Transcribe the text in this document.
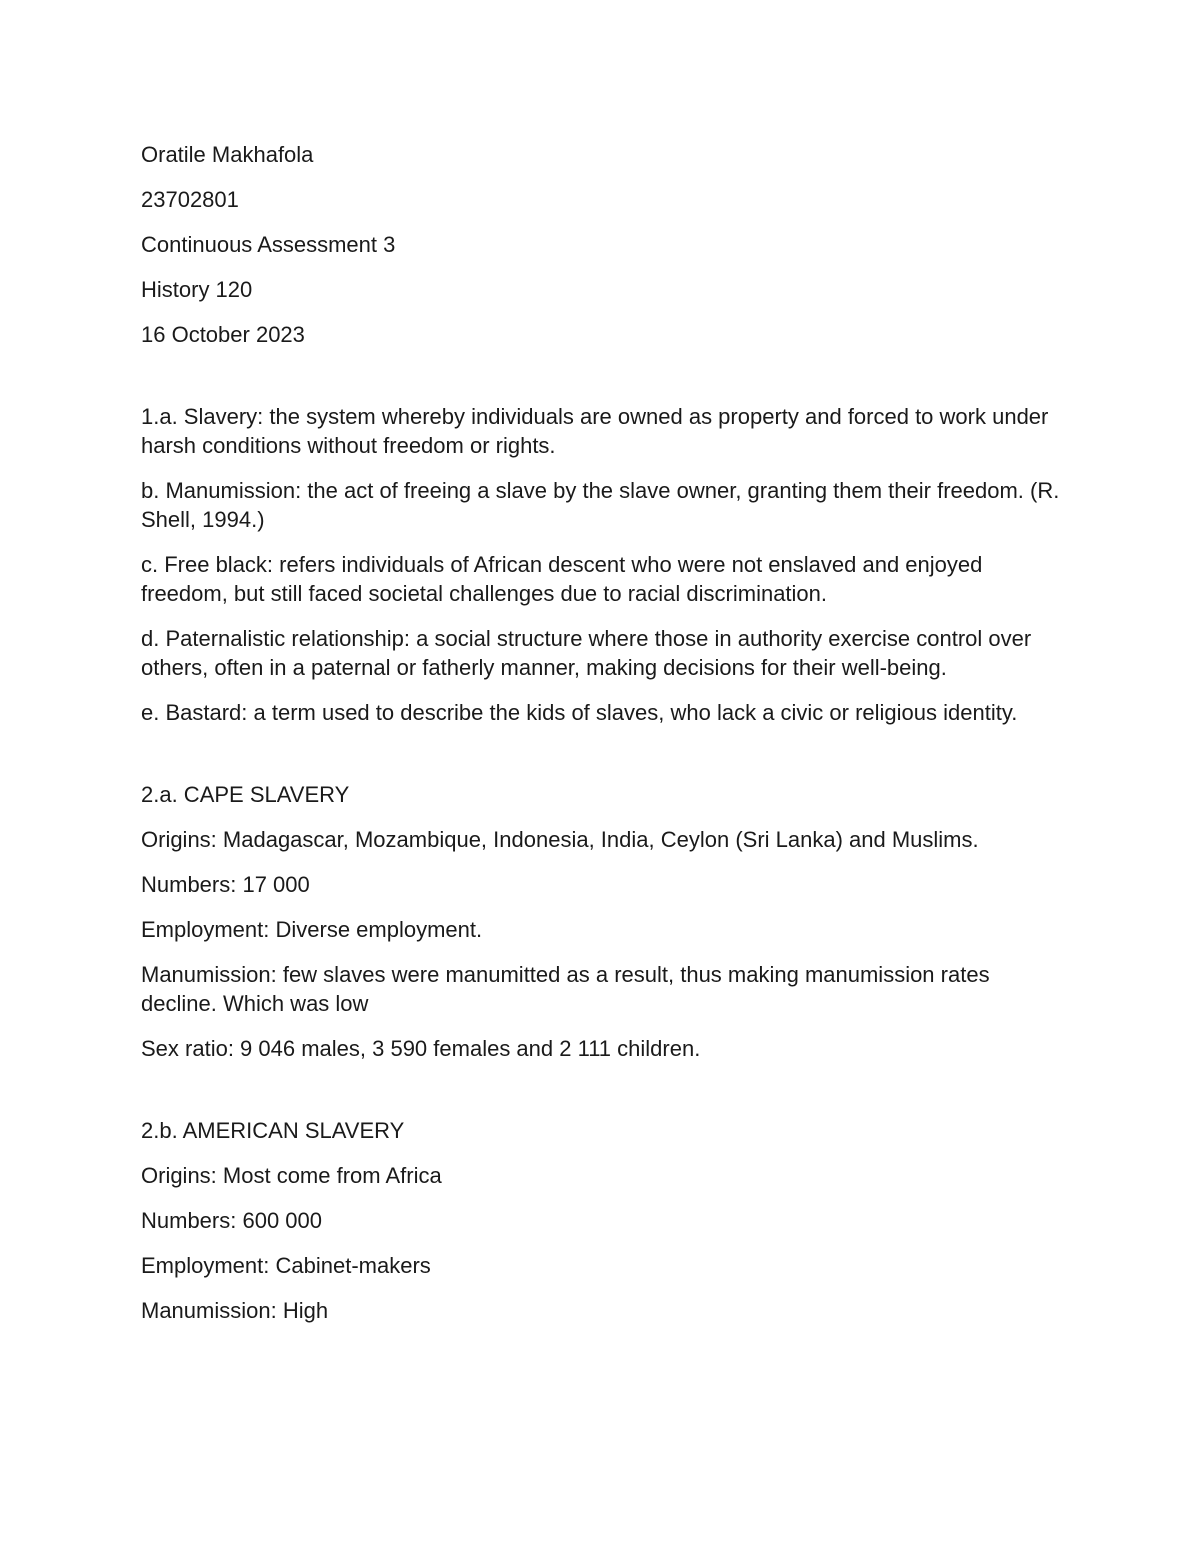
Oratile Makhafola

23702801

Continuous Assessment 3

History 120

16 October 2023

1.a. Slavery: the system whereby individuals are owned as property and forced to work under harsh conditions without freedom or rights.

b. Manumission: the act of freeing a slave by the slave owner, granting them their freedom. (R. Shell, 1994.)

c. Free black: refers individuals of African descent who were not enslaved and enjoyed freedom, but still faced societal challenges due to racial discrimination.

d. Paternalistic relationship: a social structure where those in authority exercise control over others, often in a paternal or fatherly manner, making decisions for their well-being.

e. Bastard: a term used to describe the kids of slaves, who lack a civic or religious identity.

2.a. CAPE SLAVERY

Origins: Madagascar, Mozambique, Indonesia, India, Ceylon (Sri Lanka) and Muslims.

Numbers: 17 000

Employment: Diverse employment.

Manumission: few slaves were manumitted as a result, thus making manumission rates decline. Which was low

Sex ratio: 9 046 males, 3 590 females and 2 111 children.

2.b. AMERICAN SLAVERY

Origins: Most come from Africa

Numbers: 600 000

Employment: Cabinet-makers

Manumission: High
